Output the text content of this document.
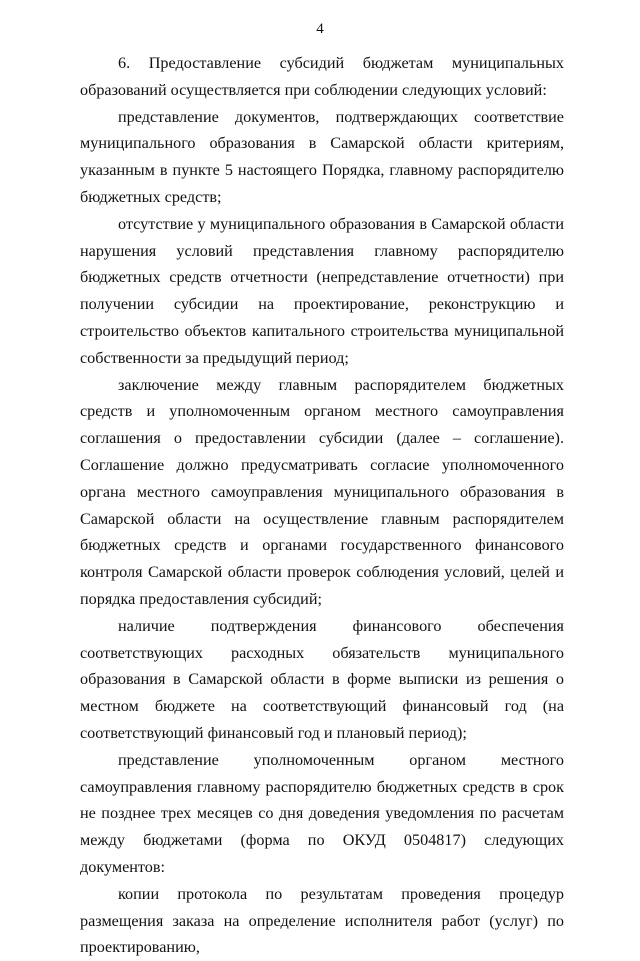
4

6. Предоставление субсидий бюджетам муниципальных образований осуществляется при соблюдении следующих условий:

представление документов, подтверждающих соответствие муниципального образования в Самарской области критериям, указанным в пункте 5 настоящего Порядка, главному распорядителю бюджетных средств;

отсутствие у муниципального образования в Самарской области нарушения условий представления главному распорядителю бюджетных средств отчетности (непредставление отчетности) при получении субсидии на проектирование, реконструкцию и строительство объектов капитального строительства муниципальной собственности за предыдущий период;

заключение между главным распорядителем бюджетных средств и уполномоченным органом местного самоуправления соглашения о предоставлении субсидии (далее – соглашение). Соглашение должно предусматривать согласие уполномоченного органа местного самоуправления муниципального образования в Самарской области на осуществление главным распорядителем бюджетных средств и органами государственного финансового контроля Самарской области проверок соблюдения условий, целей и порядка предоставления субсидий;

наличие подтверждения финансового обеспечения соответствующих расходных обязательств муниципального образования в Самарской области в форме выписки из решения о местном бюджете на соответствующий финансовый год (на соответствующий финансовый год и плановый период);

представление уполномоченным органом местного самоуправления главному распорядителю бюджетных средств в срок не позднее трех месяцев со дня доведения уведомления по расчетам между бюджетами (форма по ОКУД 0504817) следующих документов:

копии протокола по результатам проведения процедур размещения заказа на определение исполнителя работ (услуг) по проектированию,
